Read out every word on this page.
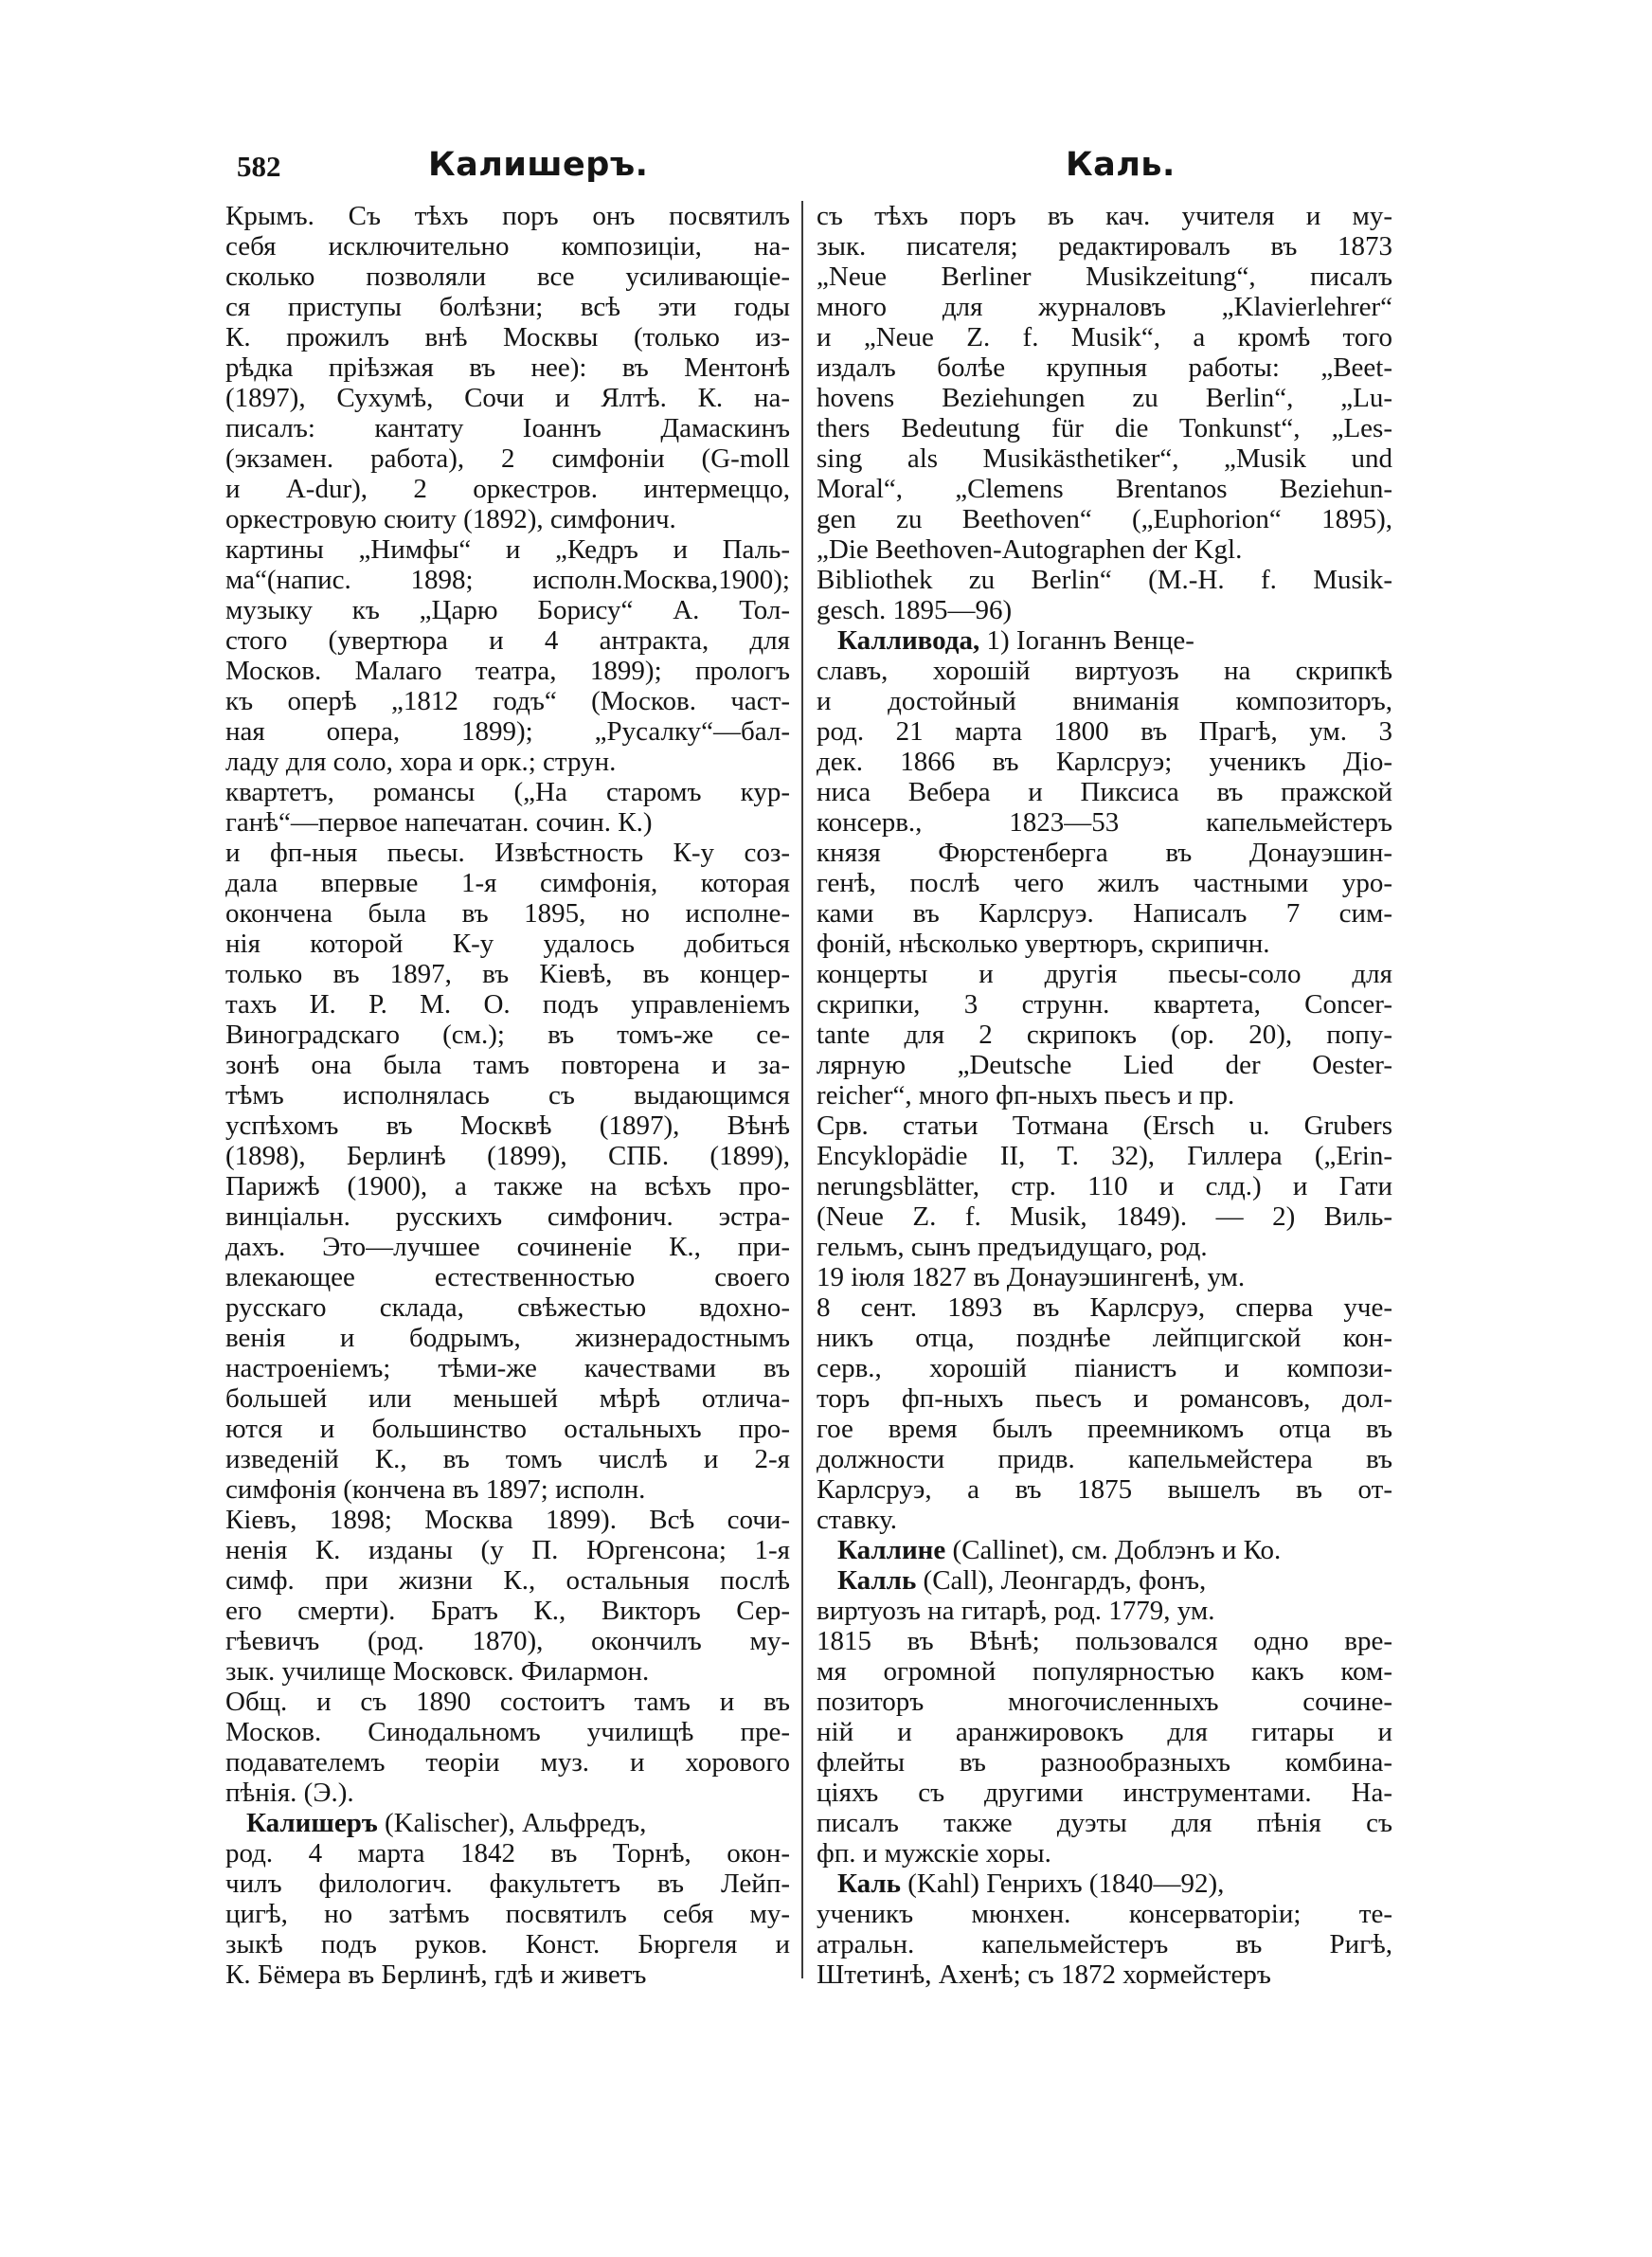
582	Калишеръ.	Каль.
Крымъ. Съ тѣхъ поръ онъ посвятилъ
себя исключительно композиціи, на-
сколько позволяли все усиливающіе-
ся приступы болѣзни; всѣ эти годы
К. прожилъ внѣ Москвы (только из-
рѣдка пріѣзжая въ нее): въ Ментонѣ
(1897), Сухумѣ, Сочи и Ялтѣ. К. на-
писалъ: кантату Іоаннъ Дамаскинъ
(экзамен. работа), 2 симфоніи (G-moll
и A-dur), 2 оркестров. интермеццо,
оркестровую сюиту (1892), симфонич.
картины „Нимфы“ и „Кедръ и Паль-
ма“(напис. 1898; исполн.Москва,1900);
музыку къ „Царю Борису“ А. Тол-
стого (увертюра и 4 антракта, для
Москов. Малаго театра, 1899); прологъ
къ оперѣ „1812 годъ“ (Москов. част-
ная опера, 1899); „Русалку“—бал-
ладу для соло, хора и орк.; струн.
квартетъ, романсы („На старомъ кур-
ганѣ“—первое напечатан. сочин. К.)
и фп-ныя пьесы. Извѣстность К-у соз-
дала впервые 1-я симфонія, которая
окончена была въ 1895, но исполне-
нія которой К-у удалось добиться
только въ 1897, въ Кіевѣ, въ концер-
тахъ И. Р. М. О. подъ управленіемъ
Виноградскаго (см.); въ томъ-же се-
зонѣ она была тамъ повторена и за-
тѣмъ исполнялась съ выдающимся
успѣхомъ въ Москвѣ (1897), Вѣнѣ
(1898), Берлинѣ (1899), СПБ. (1899),
Парижѣ (1900), а также на всѣхъ про-
винціальн. русскихъ симфонич. эстра-
дахъ. Это—лучшее сочиненіе К., при-
влекающее естественностью своего
русскаго склада, свѣжестью вдохно-
венія и бодрымъ, жизнерадостнымъ
настроеніемъ; тѣми-же качествами въ
большей или меньшей мѣрѣ отлича-
ются и большинство остальныхъ про-
изведеній К., въ томъ числѣ и 2-я
симфонія (кончена въ 1897; исполн.
Кіевъ, 1898; Москва 1899). Всѣ сочи-
ненія К. изданы (у П. Юргенсона; 1-я
симф. при жизни К., остальныя послѣ
его смерти). Братъ К., Викторъ Сер-
гѣевичъ (род. 1870), окончилъ му-
зык. училище Московск. Филармон.
Общ. и съ 1890 состоитъ тамъ и въ
Москов. Синодальномъ училищѣ пре-
подавателемъ теоріи муз. и хорового
пѣнія. (Э.).
Калишеръ (Kalischer), Альфредъ,
род. 4 марта 1842 въ Торнѣ, окон-
чилъ филологич. факультетъ въ Лейп-
цигѣ, но затѣмъ посвятилъ себя му-
зыкѣ подъ руков. Конст. Бюргеля и
К. Бёмера въ Берлинѣ, гдѣ и живетъ
съ тѣхъ поръ въ кач. учителя и му-
зык. писателя; редактировалъ въ 1873
„Neue Berliner Musikzeitung“, писалъ
много для журналовъ „Klavierlehrer“
и „Neue Z. f. Musik“, а кромѣ того
издалъ болѣе крупныя работы: „Beet-
hovens Beziehungen zu Berlin“, „Lu-
thers Bedeutung für die Tonkunst“, „Les-
sing als Musikästhetiker“, „Musik und
Moral“, „Clemens Brentanos Beziehun-
gen zu Beethoven“ („Euphorion“ 1895),
„Die Beethoven-Autographen der Kgl.
Bibliothek zu Berlin“ (M.-H. f. Musik-
gesch. 1895—96)
Калливода, 1) Іоганнъ Венце-
славъ, хорошій виртуозъ на скрипкѣ
и достойный вниманія композиторъ,
род. 21 марта 1800 въ Прагѣ, ум. 3
дек. 1866 въ Карлсруэ; ученикъ Діо-
ниса Вебера и Пиксиса въ пражской
консерв., 1823—53 капельмейстеръ
князя Фюрстенберга въ Донауэшин-
генѣ, послѣ чего жилъ частными уро-
ками въ Карлсруэ. Написалъ 7 сим-
фоній, нѣсколько увертюръ, скрипичн.
концерты и другія пьесы-соло для
скрипки, 3 струнн. квартета, Concer-
tante для 2 скрипокъ (op. 20), попу-
лярную „Deutsche Lied der Oester-
reicher“, много фп-ныхъ пьесъ и пр.
Срв. статьи Тотмана (Ersch u. Grubers
Encyklopädie II, T. 32), Гиллера („Erin-
nerungsblätter, стр. 110 и слд.) и Гати
(Neue Z. f. Musik, 1849). — 2) Виль-
гельмъ, сынъ предъидущаго, род.
19 іюля 1827 въ Донауэшингенѣ, ум.
8 сент. 1893 въ Карлсруэ, сперва уче-
никъ отца, позднѣе лейпцигской кон-
серв., хорошій піанистъ и компози-
торъ фп-ныхъ пьесъ и романсовъ, дол-
гое время былъ преемникомъ отца въ
должности придв. капельмейстера въ
Карлсруэ, а въ 1875 вышелъ въ от-
ставку.
Каллине (Callinet), см. Доблэнъ и Ко.
Калль (Call), Леонгардъ, фонъ,
виртуозъ на гитарѣ, род. 1779, ум.
1815 въ Вѣнѣ; пользовался одно вре-
мя огромной популярностью какъ ком-
позиторъ многочисленныхъ сочине-
ній и аранжировокъ для гитары и
флейты въ разнообразныхъ комбина-
ціяхъ съ другими инструментами. На-
писалъ также дуэты для пѣнія съ
фп. и мужскіе хоры.
Каль (Kahl) Генрихъ (1840—92),
ученикъ мюнхен. консерваторіи; те-
атральн. капельмейстеръ въ Ригѣ,
Штетинѣ, Ахенѣ; съ 1872 хормейстеръ
